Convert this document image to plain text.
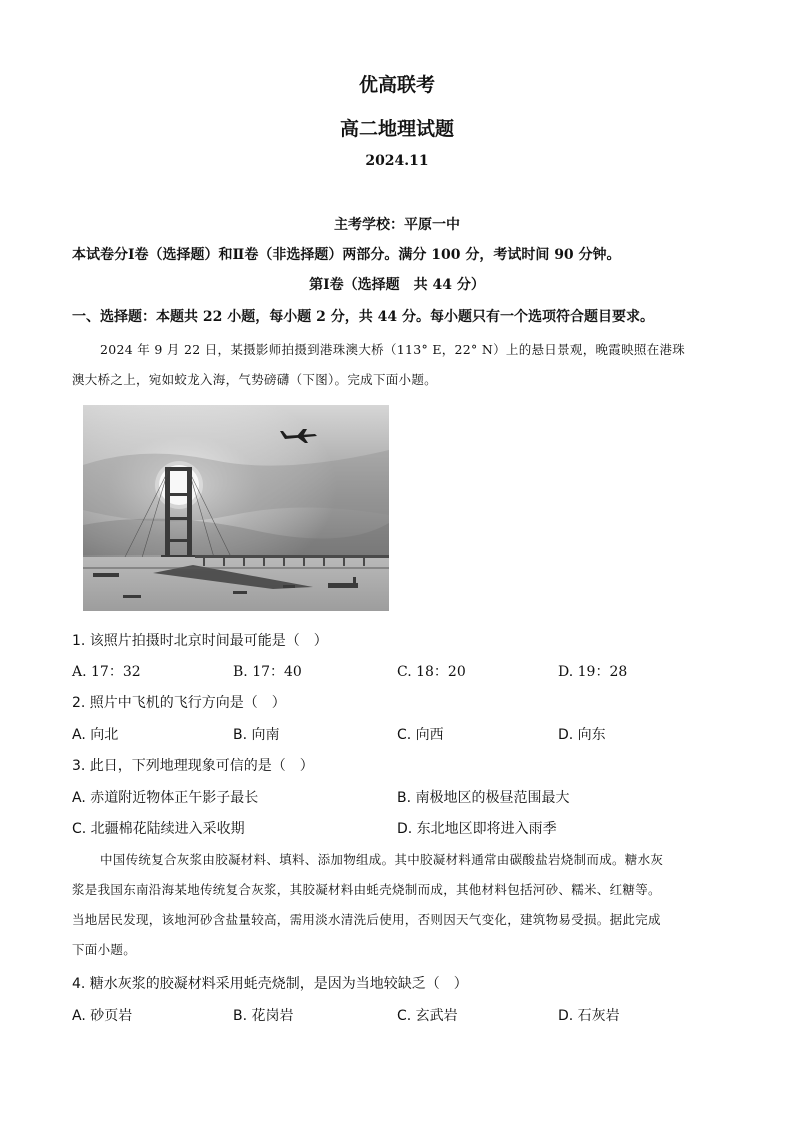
优高联考
高二地理试题
2024.11
主考学校：平原一中
本试卷分Ⅰ卷（选择题）和Ⅱ卷（非选择题）两部分。满分 100 分，考试时间 90 分钟。
第Ⅰ卷（选择题　共 44 分）
一、选择题：本题共 22 小题，每小题 2 分，共 44 分。每小题只有一个选项符合题目要求。
2024 年 9 月 22 日，某摄影师拍摄到港珠澳大桥（113° E，22° N）上的悬日景观，晚霞映照在港珠
澳大桥之上，宛如蛟龙入海，气势磅礴（下图）。完成下面小题。
1. 该照片拍摄时北京时间最可能是（　）
A. 17：32	B. 17：40	C. 18：20	D. 19：28
2. 照片中飞机的飞行方向是（　）
A. 向北	B. 向南	C. 向西	D. 向东
3. 此日，下列地理现象可信的是（　）
A. 赤道附近物体正午影子最长	B. 南极地区的极昼范围最大
C. 北疆棉花陆续进入采收期	D. 东北地区即将进入雨季
中国传统复合灰浆由胶凝材料、填料、添加物组成。其中胶凝材料通常由碳酸盐岩烧制而成。糖水灰
浆是我国东南沿海某地传统复合灰浆，其胶凝材料由蚝壳烧制而成，其他材料包括河砂、糯米、红糖等。
当地居民发现，该地河砂含盐量较高，需用淡水清洗后使用，否则因天气变化，建筑物易受损。据此完成
下面小题。
4. 糖水灰浆的胶凝材料采用蚝壳烧制，是因为当地较缺乏（　）
A. 砂页岩	B. 花岗岩	C. 玄武岩	D. 石灰岩
